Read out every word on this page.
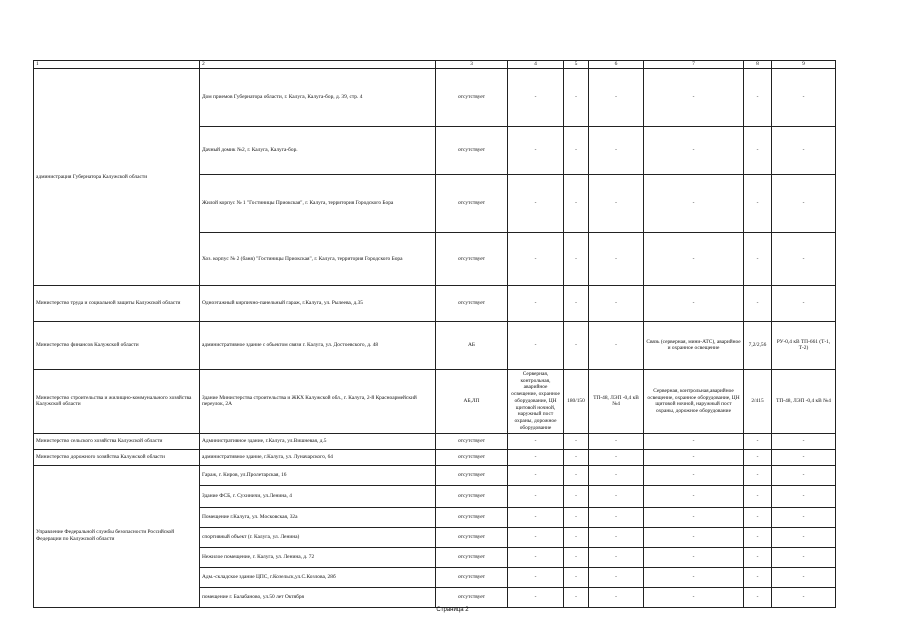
1	2	3	4	5	6	7	8	9
администрация Губернатора Калужской области	Дом приемов Губернатора области, г. Калуга, Калуга-бор, д. 39, стр. 4	отсутствует	-	-	-	-	-	-
	Дачный домик №2, г. Калуга, Калуга-бор.	отсутствует	-	-	-	-	-	-
	Жилой корпус № 1 "Гостиницы Приокская", г. Калуга, территория Городского Бора	отсутствует	-	-	-	-	-	-
	Хоз. корпус № 2 (баня) "Гостиницы Приокская", г. Калуга, территория Городского Бора	отсутствует	-	-	-	-	-	-
Министерство труда и социальной защиты Калужской области	Одноэтажный кирпично-панельный гараж, г.Калуга, ул. Рылеева, д.35	отсутствует	-	-	-	-	-	-
Министерство финансов Калужской области	административное здание с обьектом связи г. Калуга, ул. Достоевского, д. 48	АБ	-	-	-	Связь (серверная, мини-АТС), аварийное и охранное освещение	7,2/2,56	РУ-0,4 кВ ТП-661 (Т-1, Т-2)
Министерство строительства и жилищно-коммунального хозяйства Калужской области	Здание Министерства строительства и ЖКХ Калужской обл., г. Калуга, 2-й Красноармейский переулок, 2А	АБ,ЛП	Серверная, контрольная, аварийное освещение, охранное оборудование, ЦН щитовой ночной, наружный пост охраны, дорожное оборудование	180/150	ТП-48, ЛЭП -0,4 кВ №4	Серверная, контрольная,аварийное освещение, охранное оборудование, ЦН щитовой ночной, наружный пост охраны, дорожное оборудование	2/415	ТП-48, ЛЭП -0,4 кВ №4
Министерство сельского хозяйства Калужской области	Административное здание, г.Калуга, ул.Вишневая, д.5	отсутствует	-	-	-	-	-	-
Министерство дорожного хозяйства Калужской области	административное здание, г.Калуга, ул. Луначарского, 64	отсутствует	-	-	-	-	-	-
Управление Федеральной службы безопасности Российской Федерации по Калужской области	Гараж, г. Киров, ул.Пролетарская, 16	отсутствует	-	-	-	-	-	-
	Здание ФСБ, г. Сухиничи, ул.Ленина, 4	отсутствует	-	-	-	-	-	-
	Помещение г.Калуга, ул. Московская, 32а	отсутствует	-	-	-	-	-	-
	спортивный объект (г. Калуга, ул. Ленина)	отсутствует	-	-	-	-	-	-
	Нежилое помещение, г. Калуга, ул. Ленина, д. 72	отсутствует	-	-	-	-	-	-
	Адм.-складское здание ЦПС, г.Козельск,ул.С.Козлова, 28б	отсутствует	-	-	-	-	-	-
	помещение г. Балабаново, ул.50 лет Октября	отсутствует	-	-	-	-	-	-
Страница 2
